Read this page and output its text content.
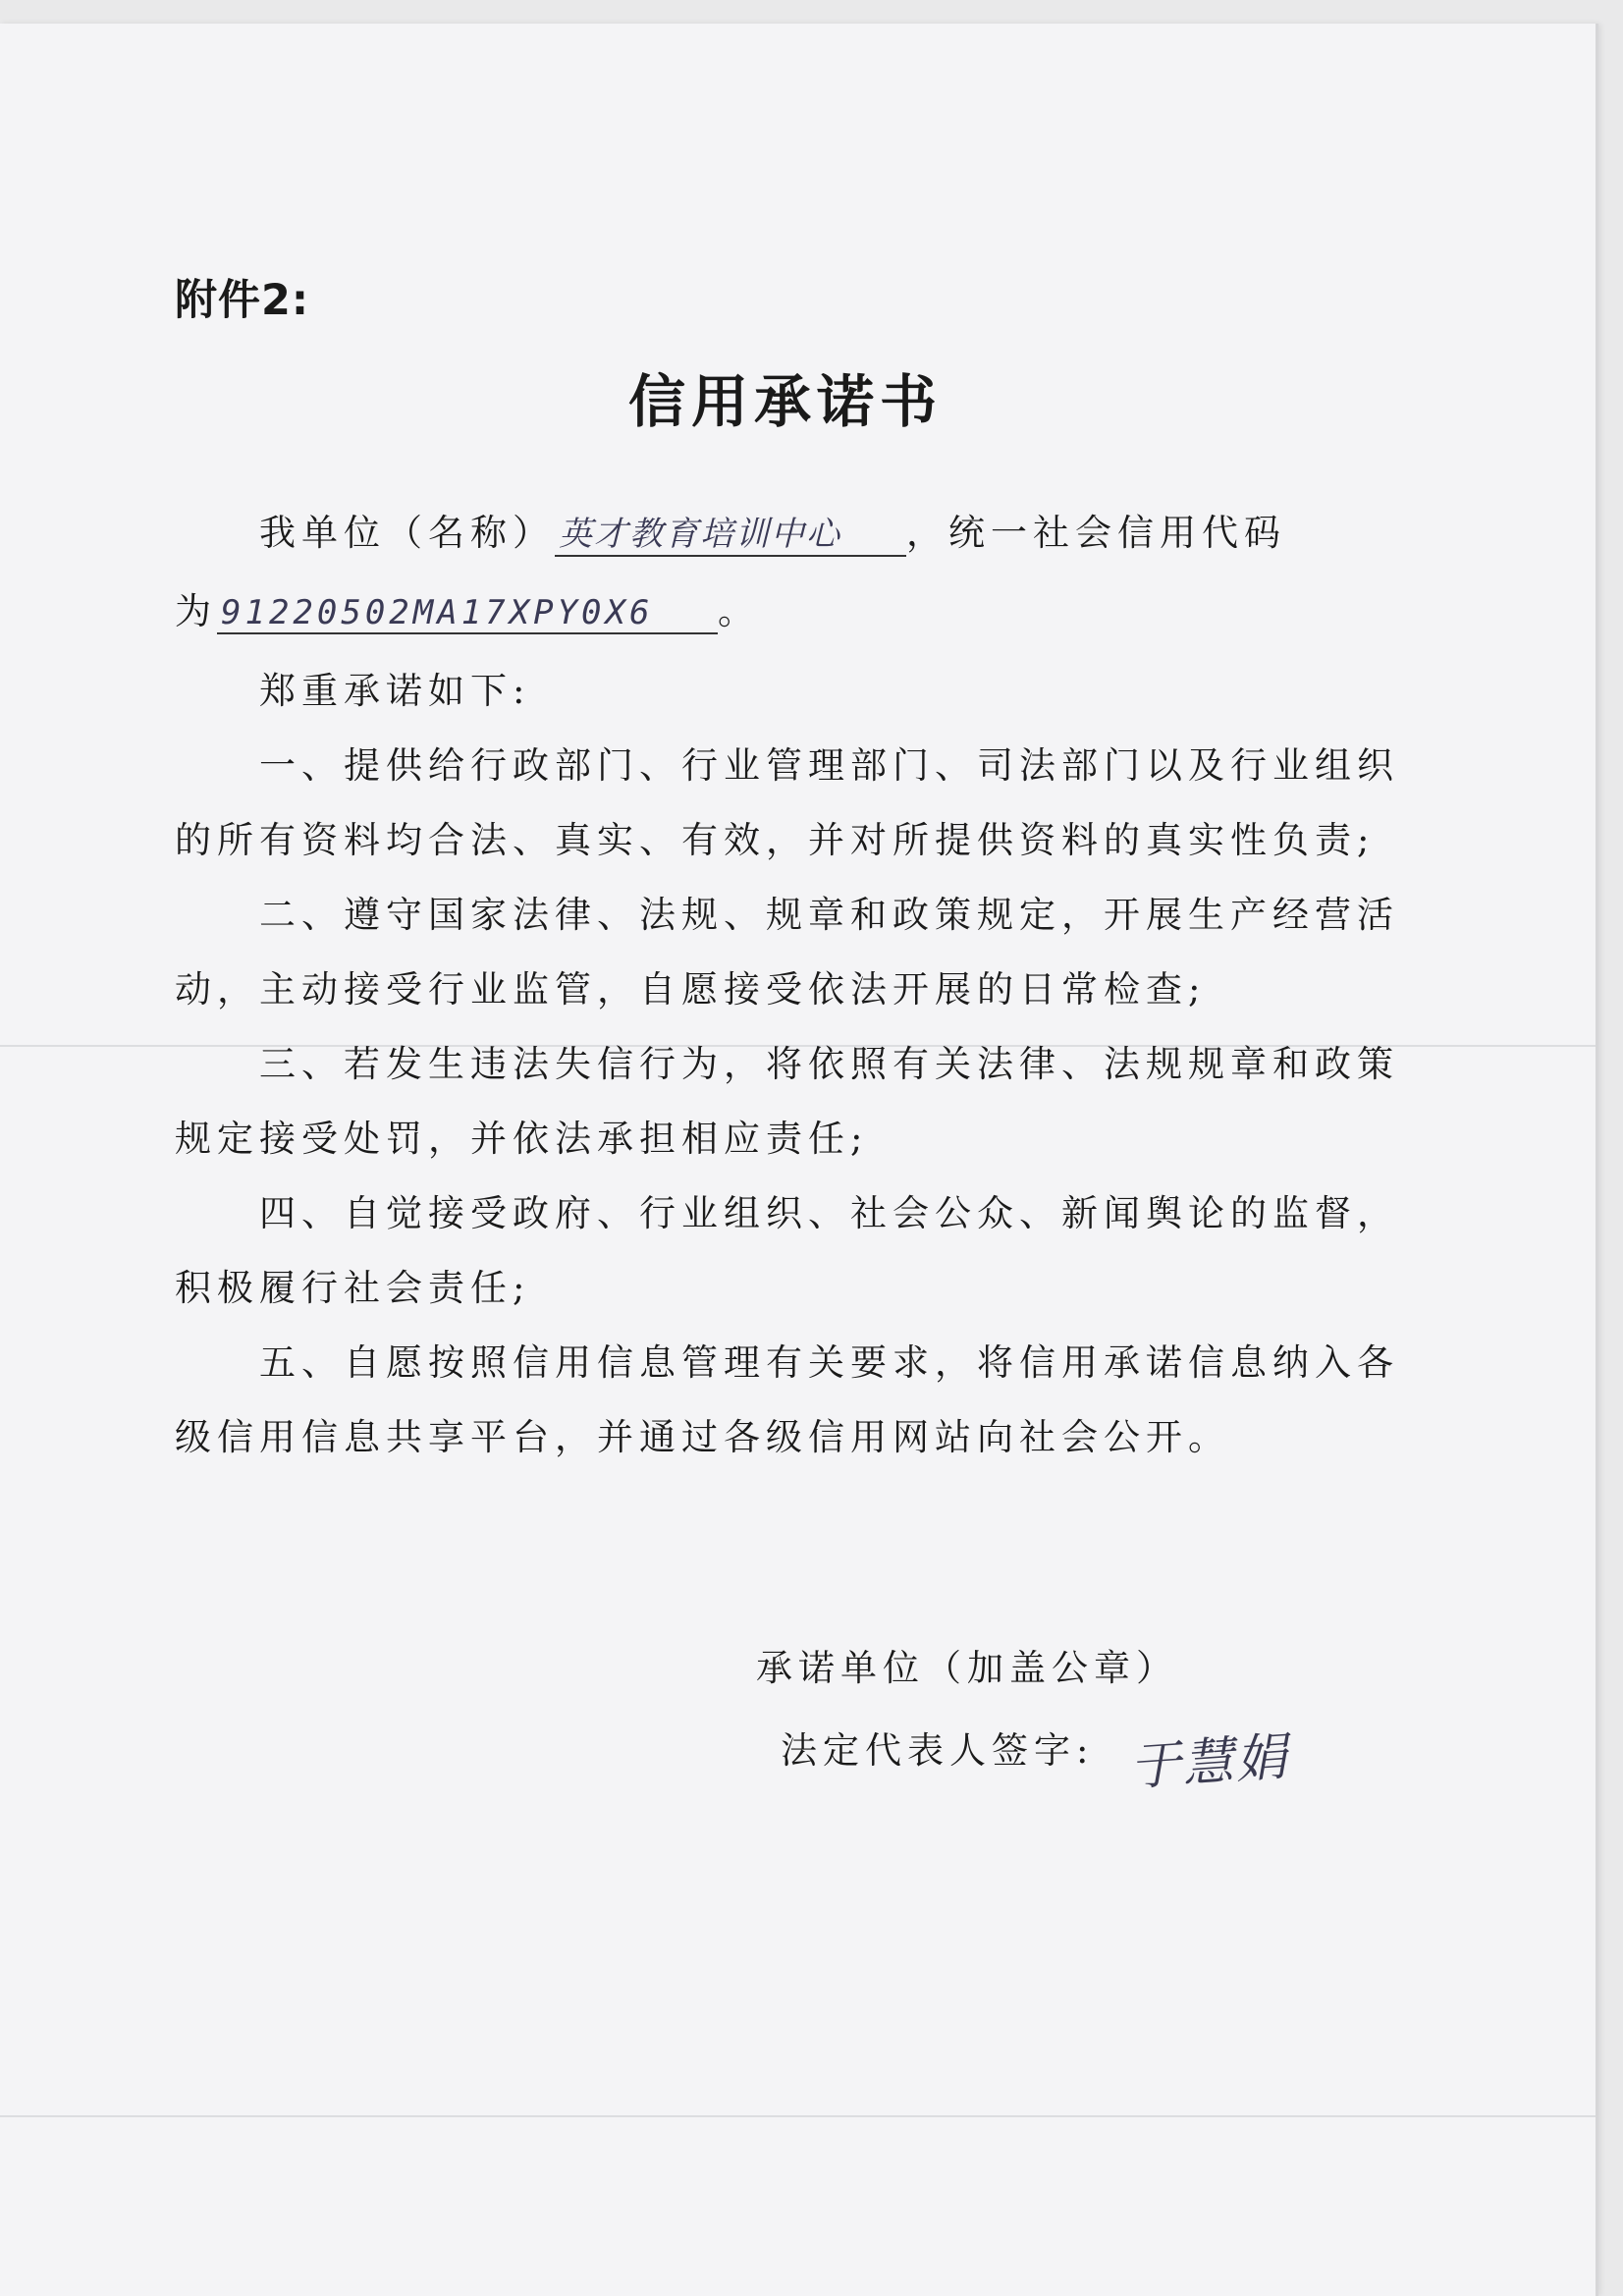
附件2:
信用承诺书
我单位（名称） 英才教育培训中心 ，统一社会信用代码
为 91220502MA17XPY0X6 。
郑重承诺如下:
一、提供给行政部门、行业管理部门、司法部门以及行业组织
的所有资料均合法、真实、有效，并对所提供资料的真实性负责;
二、遵守国家法律、法规、规章和政策规定，开展生产经营活
动，主动接受行业监管，自愿接受依法开展的日常检查;
三、若发生违法失信行为，将依照有关法律、法规规章和政策
规定接受处罚，并依法承担相应责任;
四、自觉接受政府、行业组织、社会公众、新闻舆论的监督，
积极履行社会责任;
五、自愿按照信用信息管理有关要求，将信用承诺信息纳入各
级信用信息共享平台，并通过各级信用网站向社会公开。
承诺单位（加盖公章）
法定代表人签字: 于慧娟
